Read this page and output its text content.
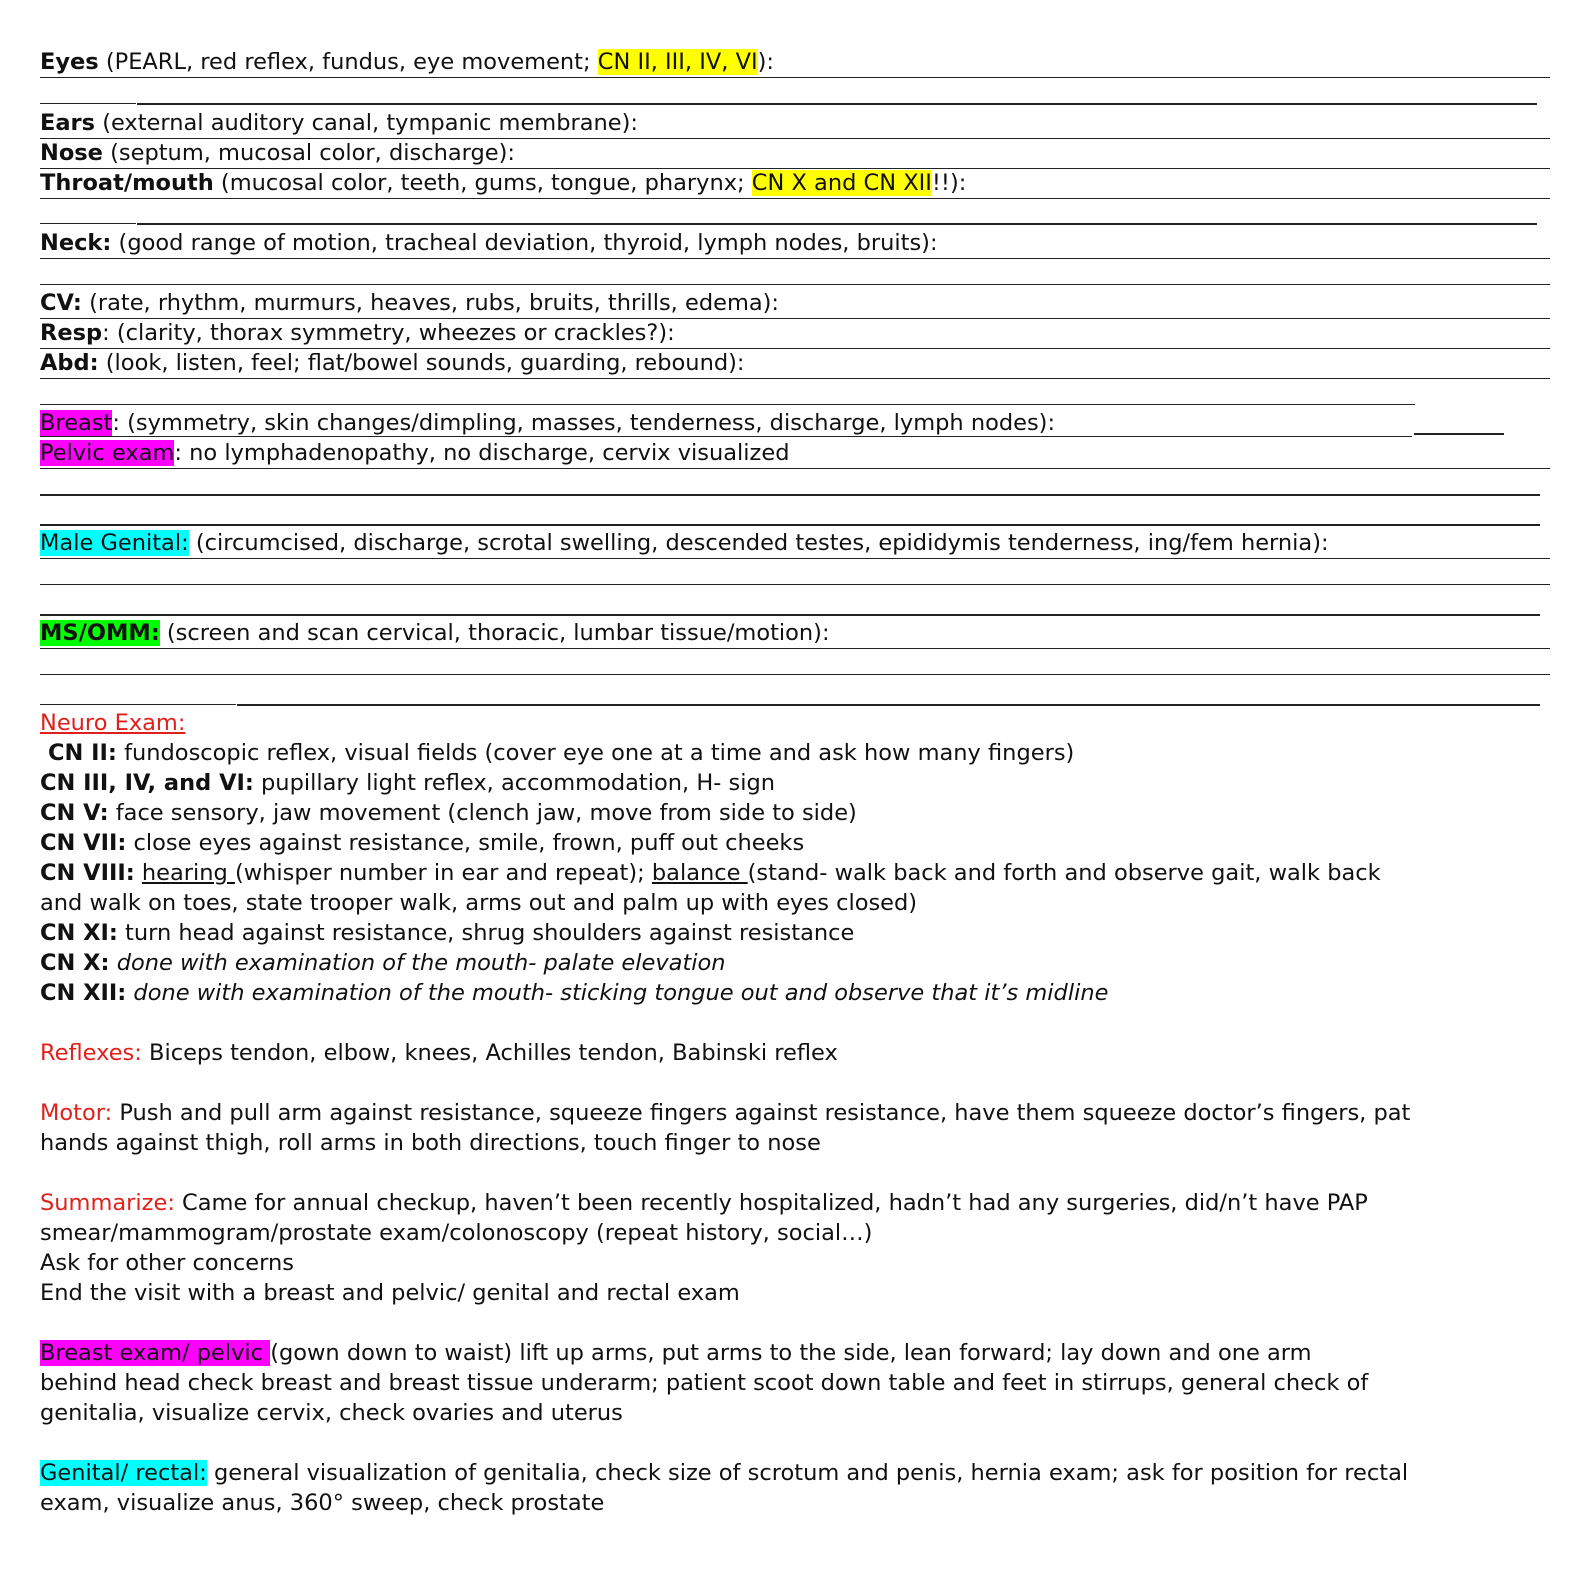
Eyes (PEARL, red reflex, fundus, eye movement; CN II, III, IV, VI):
Ears (external auditory canal, tympanic membrane):
Nose (septum, mucosal color, discharge):
Throat/mouth (mucosal color, teeth, gums, tongue, pharynx; CN X and CN XII!!):
Neck: (good range of motion, tracheal deviation, thyroid, lymph nodes, bruits):
CV: (rate, rhythm, murmurs, heaves, rubs, bruits, thrills, edema):
Resp: (clarity, thorax symmetry, wheezes or crackles?):
Abd: (look, listen, feel; flat/bowel sounds, guarding, rebound):
Breast: (symmetry, skin changes/dimpling, masses, tenderness, discharge, lymph nodes):
Pelvic exam: no lymphadenopathy, no discharge, cervix visualized
Male Genital: (circumcised, discharge, scrotal swelling, descended testes, epididymis tenderness, ing/fem hernia):
MS/OMM: (screen and scan cervical, thoracic, lumbar tissue/motion):
Neuro Exam:
CN II: fundoscopic reflex, visual fields (cover eye one at a time and ask how many fingers)
CN III, IV, and VI: pupillary light reflex, accommodation, H- sign
CN V: face sensory, jaw movement (clench jaw, move from side to side)
CN VII: close eyes against resistance, smile, frown, puff out cheeks
CN VIII: hearing (whisper number in ear and repeat); balance (stand- walk back and forth and observe gait, walk back
and walk on toes, state trooper walk, arms out and palm up with eyes closed)
CN XI: turn head against resistance, shrug shoulders against resistance
CN X: done with examination of the mouth- palate elevation
CN XII: done with examination of the mouth- sticking tongue out and observe that it’s midline
Reflexes: Biceps tendon, elbow, knees, Achilles tendon, Babinski reflex
Motor: Push and pull arm against resistance, squeeze fingers against resistance, have them squeeze doctor’s fingers, pat
hands against thigh, roll arms in both directions, touch finger to nose
Summarize: Came for annual checkup, haven’t been recently hospitalized, hadn’t had any surgeries, did/n’t have PAP
smear/mammogram/prostate exam/colonoscopy (repeat history, social…)
Ask for other concerns
End the visit with a breast and pelvic/ genital and rectal exam
Breast exam/ pelvic (gown down to waist) lift up arms, put arms to the side, lean forward; lay down and one arm
behind head check breast and breast tissue underarm; patient scoot down table and feet in stirrups, general check of
genitalia, visualize cervix, check ovaries and uterus
Genital/ rectal: general visualization of genitalia, check size of scrotum and penis, hernia exam; ask for position for rectal
exam, visualize anus, 360° sweep, check prostate
